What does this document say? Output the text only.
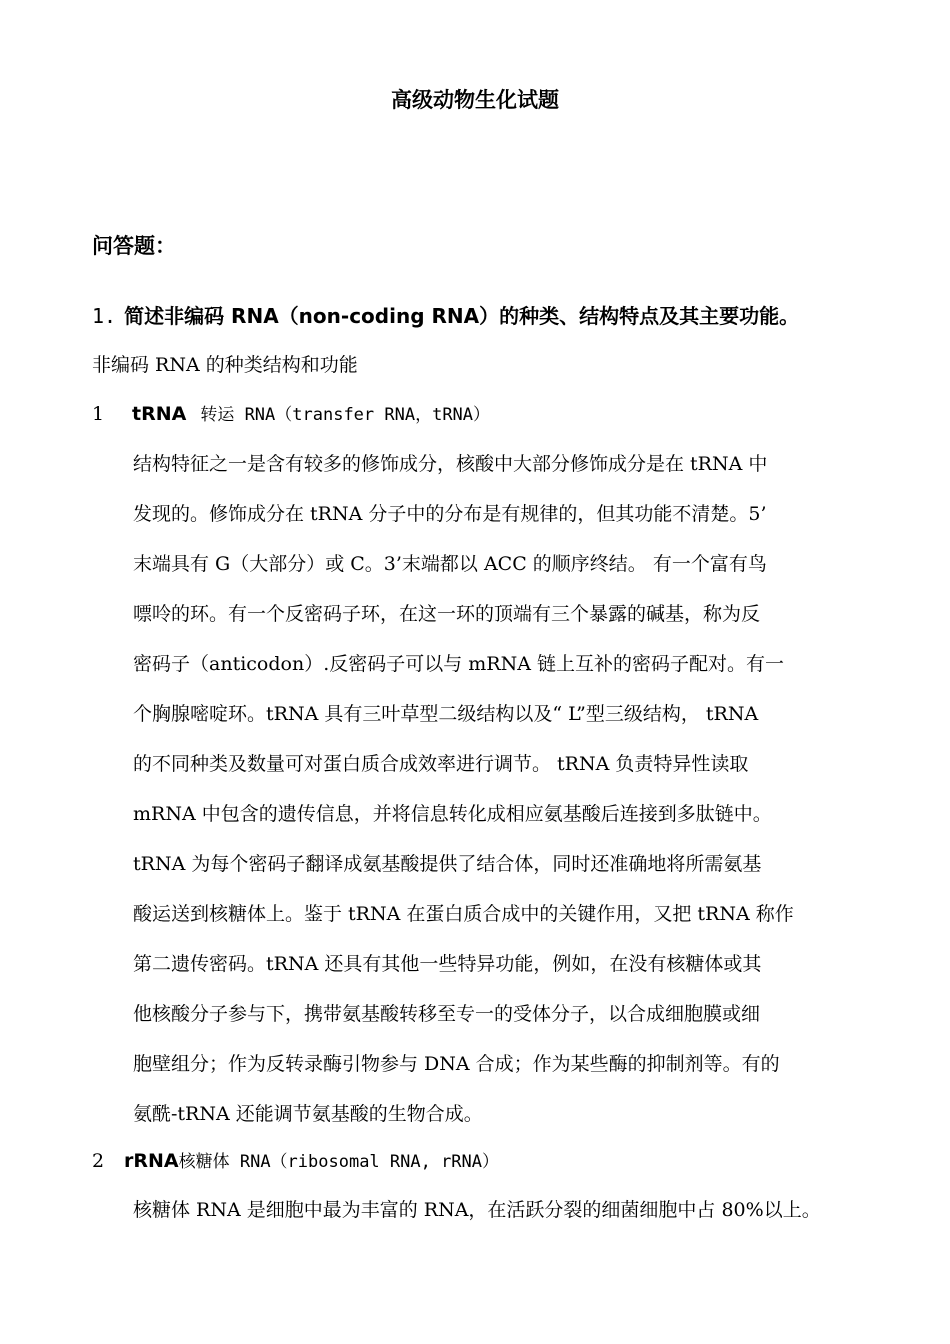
高级动物生化试题
问答题：
1. 简述非编码 RNA（non-coding RNA）的种类、结构特点及其主要功能。
非编码 RNA 的种类结构和功能
1 tRNA 转运 RNA（transfer RNA，tRNA）
结构特征之一是含有较多的修饰成分，核酸中大部分修饰成分是在 tRNA 中
发现的。修饰成分在 tRNA 分子中的分布是有规律的，但其功能不清楚。5’
末端具有 G（大部分）或 C。3’末端都以 ACC 的顺序终结。 有一个富有鸟
嘌呤的环。有一个反密码子环，在这一环的顶端有三个暴露的碱基，称为反
密码子（anticodon）.反密码子可以与 mRNA 链上互补的密码子配对。有一
个胸腺嘧啶环。tRNA 具有三叶草型二级结构以及“ L”型三级结构， tRNA
的不同种类及数量可对蛋白质合成效率进行调节。 tRNA 负责特异性读取
mRNA 中包含的遗传信息，并将信息转化成相应氨基酸后连接到多肽链中。
tRNA 为每个密码子翻译成氨基酸提供了结合体，同时还准确地将所需氨基
酸运送到核糖体上。鉴于 tRNA 在蛋白质合成中的关键作用，又把 tRNA 称作
第二遗传密码。tRNA 还具有其他一些特异功能，例如，在没有核糖体或其
他核酸分子参与下，携带氨基酸转移至专一的受体分子，以合成细胞膜或细
胞壁组分；作为反转录酶引物参与 DNA 合成；作为某些酶的抑制剂等。有的
氨酰-tRNA 还能调节氨基酸的生物合成。
2 rRNA核糖体 RNA（ribosomal RNA, rRNA）
核糖体 RNA 是细胞中最为丰富的 RNA，在活跃分裂的细菌细胞中占 80%以上。
